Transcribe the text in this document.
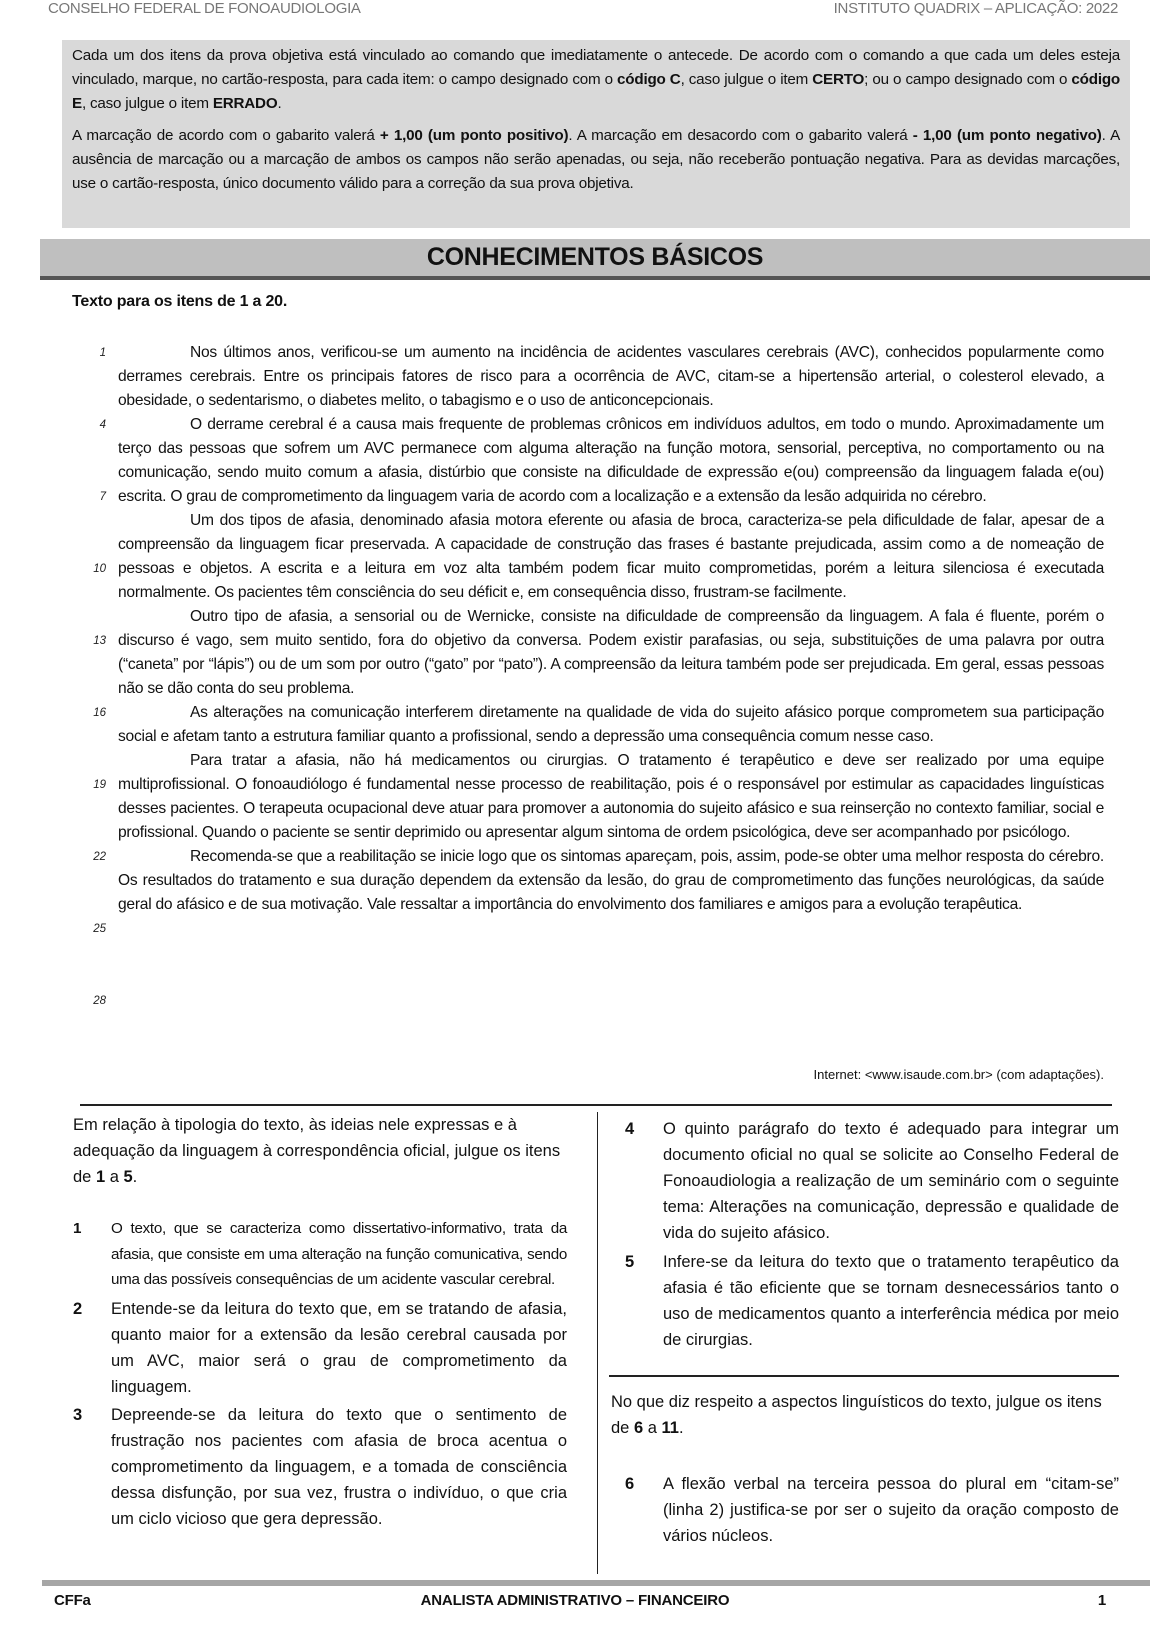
CONSELHO FEDERAL DE FONOAUDIOLOGIA	INSTITUTO QUADRIX – APLICAÇÃO: 2022

Cada um dos itens da prova objetiva está vinculado ao comando que imediatamente o antecede. De acordo com o comando a que cada um deles esteja vinculado, marque, no cartão-resposta, para cada item: o campo designado com o código C, caso julgue o item CERTO; ou o campo designado com o código E, caso julgue o item ERRADO.

A marcação de acordo com o gabarito valerá + 1,00 (um ponto positivo). A marcação em desacordo com o gabarito valerá - 1,00 (um ponto negativo). A ausência de marcação ou a marcação de ambos os campos não serão apenadas, ou seja, não receberão pontuação negativa. Para as devidas marcações, use o cartão-resposta, único documento válido para a correção da sua prova objetiva.

CONHECIMENTOS BÁSICOS
Texto para os itens de 1 a 20.
1
4
7
10
13
16
19
22
25
28

Nos últimos anos, verificou-se um aumento na incidência de acidentes vasculares cerebrais (AVC), conhecidos popularmente como derrames cerebrais. Entre os principais fatores de risco para a ocorrência de AVC, citam-se a hipertensão arterial, o colesterol elevado, a obesidade, o sedentarismo, o diabetes melito, o tabagismo e o uso de anticoncepcionais.

O derrame cerebral é a causa mais frequente de problemas crônicos em indivíduos adultos, em todo o mundo. Aproximadamente um terço das pessoas que sofrem um AVC permanece com alguma alteração na função motora, sensorial, perceptiva, no comportamento ou na comunicação, sendo muito comum a afasia, distúrbio que consiste na dificuldade de expressão e(ou) compreensão da linguagem falada e(ou) escrita. O grau de comprometimento da linguagem varia de acordo com a localização e a extensão da lesão adquirida no cérebro.

Um dos tipos de afasia, denominado afasia motora eferente ou afasia de broca, caracteriza-se pela dificuldade de falar, apesar de a compreensão da linguagem ficar preservada. A capacidade de construção das frases é bastante prejudicada, assim como a de nomeação de pessoas e objetos. A escrita e a leitura em voz alta também podem ficar muito comprometidas, porém a leitura silenciosa é executada normalmente. Os pacientes têm consciência do seu déficit e, em consequência disso, frustram-se facilmente.

Outro tipo de afasia, a sensorial ou de Wernicke, consiste na dificuldade de compreensão da linguagem. A fala é fluente, porém o discurso é vago, sem muito sentido, fora do objetivo da conversa. Podem existir parafasias, ou seja, substituições de uma palavra por outra (“caneta” por “lápis”) ou de um som por outro (“gato” por “pato”). A compreensão da leitura também pode ser prejudicada. Em geral, essas pessoas não se dão conta do seu problema.

As alterações na comunicação interferem diretamente na qualidade de vida do sujeito afásico porque comprometem sua participação social e afetam tanto a estrutura familiar quanto a profissional, sendo a depressão uma consequência comum nesse caso.

Para tratar a afasia, não há medicamentos ou cirurgias. O tratamento é terapêutico e deve ser realizado por uma equipe multiprofissional. O fonoaudiólogo é fundamental nesse processo de reabilitação, pois é o responsável por estimular as capacidades linguísticas desses pacientes. O terapeuta ocupacional deve atuar para promover a autonomia do sujeito afásico e sua reinserção no contexto familiar, social e profissional. Quando o paciente se sentir deprimido ou apresentar algum sintoma de ordem psicológica, deve ser acompanhado por psicólogo.

Recomenda-se que a reabilitação se inicie logo que os sintomas apareçam, pois, assim, pode-se obter uma melhor resposta do cérebro. Os resultados do tratamento e sua duração dependem da extensão da lesão, do grau de comprometimento das funções neurológicas, da saúde geral do afásico e de sua motivação. Vale ressaltar a importância do envolvimento dos familiares e amigos para a evolução terapêutica.

Internet: <www.isaude.com.br> (com adaptações).

Em relação à tipologia do texto, às ideias nele expressas e à adequação da linguagem à correspondência oficial, julgue os itens de 1 a 5.

1 O texto, que se caracteriza como dissertativo-informativo, trata da afasia, que consiste em uma alteração na função comunicativa, sendo uma das possíveis consequências de um acidente vascular cerebral.
2 Entende-se da leitura do texto que, em se tratando de afasia, quanto maior for a extensão da lesão cerebral causada por um AVC, maior será o grau de comprometimento da linguagem.
3 Depreende-se da leitura do texto que o sentimento de frustração nos pacientes com afasia de broca acentua o comprometimento da linguagem, e a tomada de consciência dessa disfunção, por sua vez, frustra o indivíduo, o que cria um ciclo vicioso que gera depressão.
4 O quinto parágrafo do texto é adequado para integrar um documento oficial no qual se solicite ao Conselho Federal de Fonoaudiologia a realização de um seminário com o seguinte tema: Alterações na comunicação, depressão e qualidade de vida do sujeito afásico.
5 Infere-se da leitura do texto que o tratamento terapêutico da afasia é tão eficiente que se tornam desnecessários tanto o uso de medicamentos quanto a interferência médica por meio de cirurgias.

No que diz respeito a aspectos linguísticos do texto, julgue os itens de 6 a 11.

6 A flexão verbal na terceira pessoa do plural em “citam-se” (linha 2) justifica-se por ser o sujeito da oração composto de vários núcleos.
CFFa	ANALISTA ADMINISTRATIVO – FINANCEIRO	1
